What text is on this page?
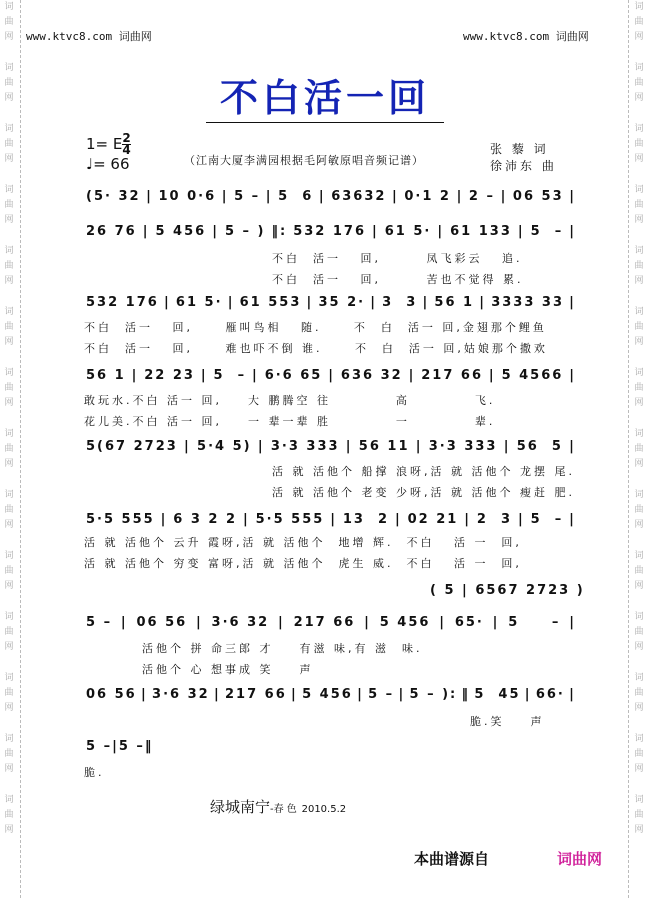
词
曲
网
词
曲
网
词
曲
网
词
曲
网
词
曲
网
词
曲
网
词
曲
网
词
曲
网
词
曲
网
词
曲
网
词
曲
网
词
曲
网
词
曲
网
词
曲
网
词
曲
网
词
曲
网
词
曲
网
词
曲
网
词
曲
网
词
曲
网
词
曲
网
词
曲
网
词
曲
网
词
曲
网
词
曲
网
词
曲
网
词
曲
网
词
曲
网
www.ktvc8.com 词曲网	www.ktvc8.com 词曲网
不白活一回
1= E $\frac{2}{4}$
♩= 66	（江南大厦李满园根据毛阿敏原唱音频记谱）
张 藜 词
徐沛东 曲
(5· 32 | 10 0·6 | 5 – | 5  6 | 63632 | 0·1 2 | 2 – | 06 53 |
26 76 | 5 456 | 5 – ) ‖: 532 176 | 61 5· | 61 133 | 5  – |
不白  活一   回,       凤飞彩云   追.
不白  活一   回,       苦也不觉得 累.
532 176 | 61 5· | 61 553 | 35 2· | 3  3 | 56 1 | 3333 33 |
不白  活一   回,     雁叫鸟相   随.     不  白  活一 回,金翅那个鲤鱼
不白  活一   回,     难也吓不倒 谁.     不  白  活一 回,姑娘那个撒欢
56 1 | 22 23 | 5  – | 6·6 65 | 636 32 | 217 66 | 5 4566 |
敢玩水.不白 活一 回,    大 鹏腾空 往          高          飞.
花儿美.不白 活一 回,    一 辈一辈 胜          一          辈.
5(67 2723 | 5·4 5) | 3·3 333 | 56 11 | 3·3 333 | 56  5 |
活 就 活他个 船撑 浪呀,活 就 活他个 龙摆 尾.
活 就 活他个 老变 少呀,活 就 活他个 瘦赶 肥.
5·5 555 | 6 3 2 2 | 5·5 555 | 13  2 | 02 21 | 2  3 | 5  – |
活 就 活他个 云升 霞呀,活 就 活他个  地增 辉.  不白   活 一  回,
活 就 活他个 穷变 富呀,活 就 活他个  虎生 威.  不白   活 一  回,
( 5 | 6567 2723 )
5 – | 06 56 | 3·6 32 | 217 66 | 5 456 | 65· | 5     – |
活他个 拼 命三郎 才    有滋 味,有 滋  味.
活他个 心 想事成 笑    声
06 56 | 3·6 32 | 217 66 | 5 456 | 5 – | 5 – ): ‖ 5  45 | 66· |
脆.笑    声
5 – | 5 – ‖
脆.
绿城南宁-春 色 2010.5.2
本曲谱源自	词曲网
